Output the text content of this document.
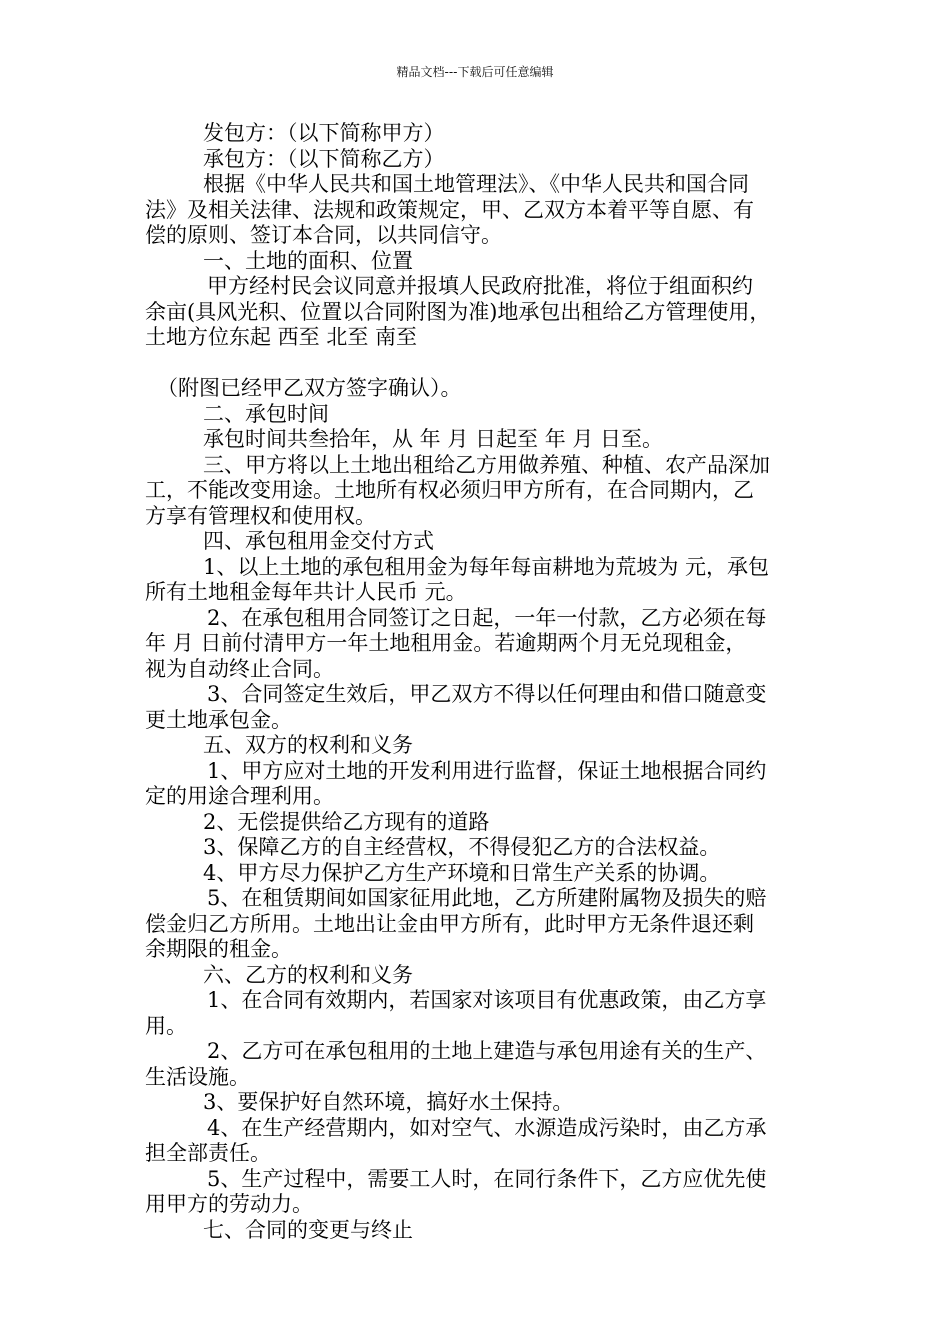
精品文档---下载后可任意编辑

发包方：（以下简称甲方）

承包方：（以下简称乙方）

根据《中华人民共和国土地管理法》、《中华人民共和国合同

法》及相关法律、法规和政策规定，甲、乙双方本着平等自愿、有

偿的原则、签订本合同，以共同信守。

一、土地的面积、位置

甲方经村民会议同意并报填人民政府批准，将位于组面积约

余亩(具风光积、位置以合同附图为准)地承包出租给乙方管理使用，

土地方位东起 西至 北至 南至

（附图已经甲乙双方签字确认）。

二、承包时间

承包时间共叁拾年，从 年 月 日起至 年 月 日至。

三、甲方将以上土地出租给乙方用做养殖、种植、农产品深加

工，不能改变用途。土地所有权必须归甲方所有，在合同期内，乙

方享有管理权和使用权。

四、承包租用金交付方式

1、以上土地的承包租用金为每年每亩耕地为荒坡为 元，承包

所有土地租金每年共计人民币 元。

2、在承包租用合同签订之日起，一年一付款，乙方必须在每

年 月 日前付清甲方一年土地租用金。若逾期两个月无兑现租金，

视为自动终止合同。

3、合同签定生效后，甲乙双方不得以任何理由和借口随意变

更土地承包金。

五、双方的权利和义务

1、甲方应对土地的开发利用进行监督，保证土地根据合同约

定的用途合理利用。

2、无偿提供给乙方现有的道路

3、保障乙方的自主经营权，不得侵犯乙方的合法权益。

4、甲方尽力保护乙方生产环境和日常生产关系的协调。

5、在租赁期间如国家征用此地，乙方所建附属物及损失的赔

偿金归乙方所用。土地出让金由甲方所有，此时甲方无条件退还剩

余期限的租金。

六、乙方的权利和义务

1、在合同有效期内，若国家对该项目有优惠政策，由乙方享

用。

2、乙方可在承包租用的土地上建造与承包用途有关的生产、

生活设施。

3、要保护好自然环境，搞好水土保持。

4、在生产经营期内，如对空气、水源造成污染时，由乙方承

担全部责任。

5、生产过程中，需要工人时，在同行条件下，乙方应优先使

用甲方的劳动力。

七、合同的变更与终止
